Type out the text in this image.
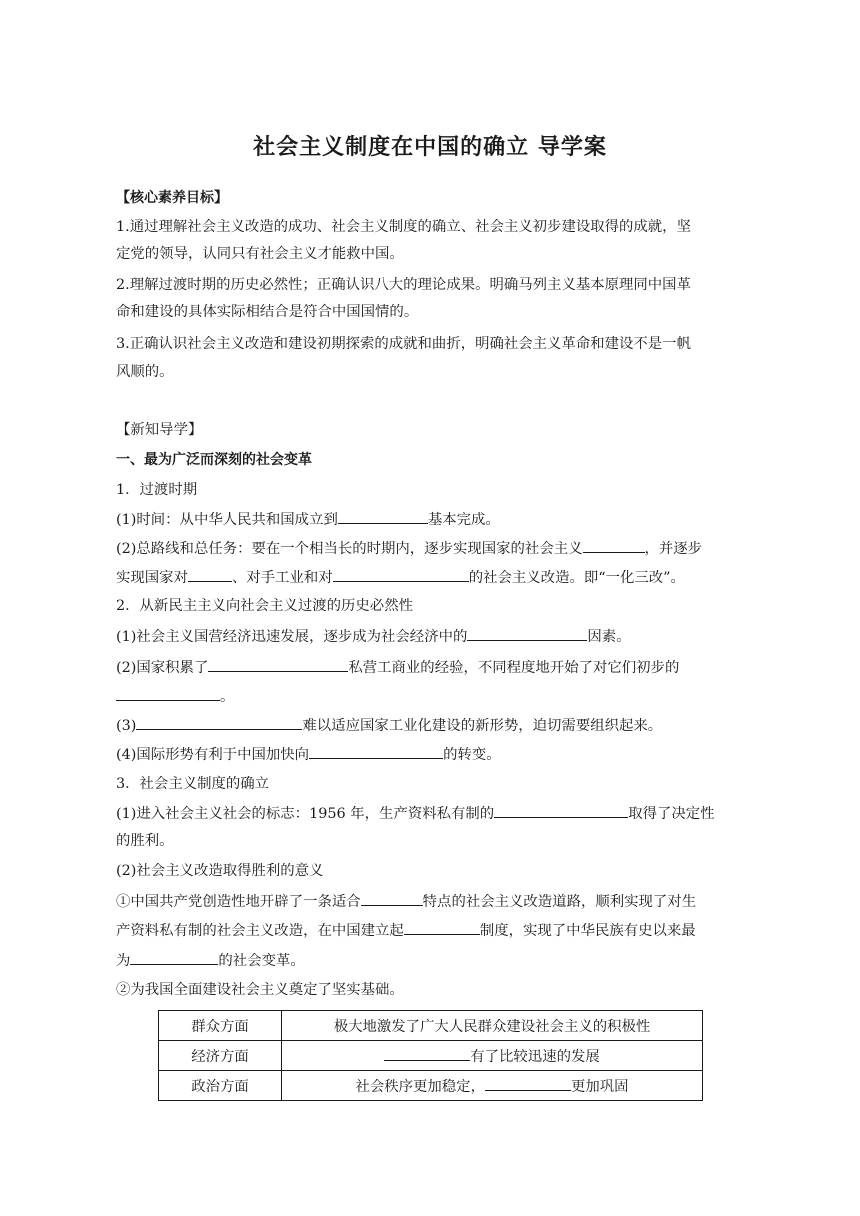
社会主义制度在中国的确立 导学案
【核心素养目标】
1.通过理解社会主义改造的成功、社会主义制度的确立、社会主义初步建设取得的成就，坚
定党的领导，认同只有社会主义才能救中国。
2.理解过渡时期的历史必然性；正确认识八大的理论成果。明确马列主义基本原理同中国革
命和建设的具体实际相结合是符合中国国情的。
3.正确认识社会主义改造和建设初期探索的成就和曲折，明确社会主义革命和建设不是一帆
风顺的。
【新知导学】
一、最为广泛而深刻的社会变革
1．过渡时期
(1)时间：从中华人民共和国成立到	基本完成。
(2)总路线和总任务：要在一个相当长的时期内，逐步实现国家的社会主义	，并逐步
实现国家对	、对手工业和对	的社会主义改造。即“一化三改”。
2．从新民主主义向社会主义过渡的历史必然性
(1)社会主义国营经济迅速发展，逐步成为社会经济中的	因素。
(2)国家积累了	私营工商业的经验，不同程度地开始了对它们初步的
。
(3)	难以适应国家工业化建设的新形势，迫切需要组织起来。
(4)国际形势有利于中国加快向	的转变。
3．社会主义制度的确立
(1)进入社会主义社会的标志：1956 年，生产资料私有制的	取得了决定性
的胜利。
(2)社会主义改造取得胜利的意义
①中国共产党创造性地开辟了一条适合	特点的社会主义改造道路，顺利实现了对生
产资料私有制的社会主义改造，在中国建立起	制度，实现了中华民族有史以来最
为	的社会变革。
②为我国全面建设社会主义奠定了坚实基础。
群众方面	极大地激发了广大人民群众建设社会主义的积极性
经济方面	有了比较迅速的发展
政治方面	社会秩序更加稳定， 更加巩固
